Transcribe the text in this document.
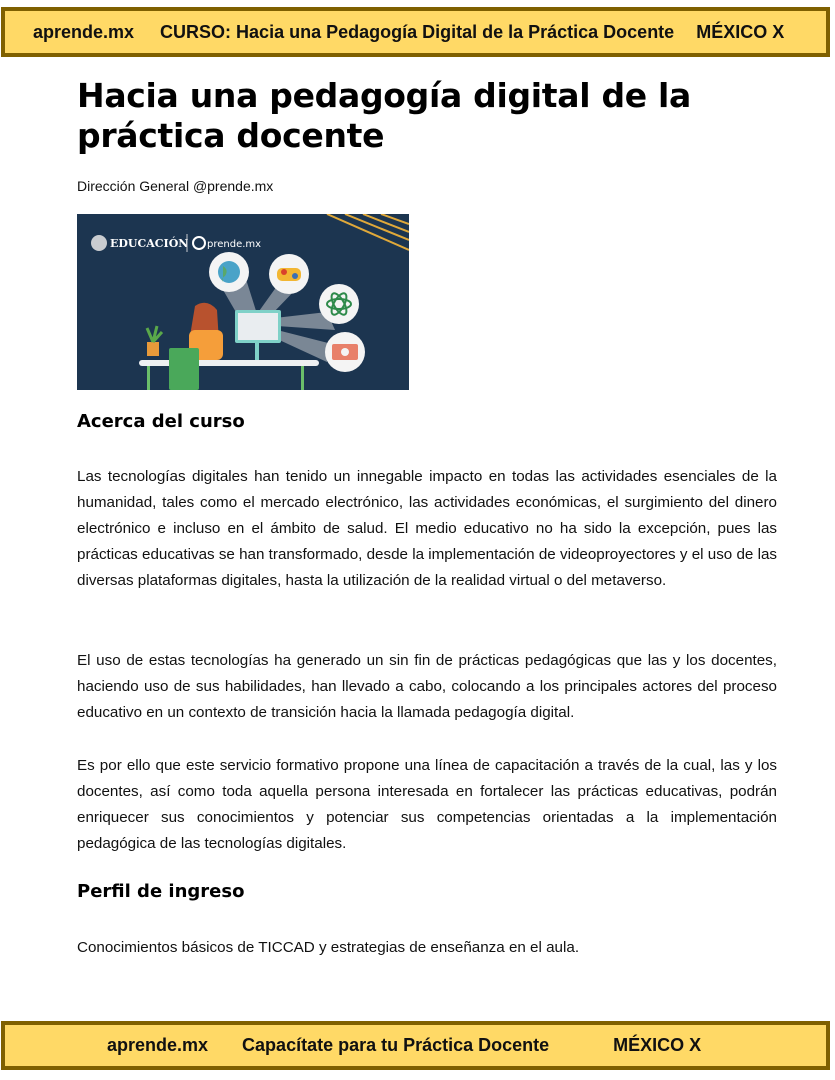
aprende.mx CURSO: Hacia una Pedagogía Digital de la Práctica Docente MÉXICO X
Hacia una pedagogía digital de la práctica docente
Dirección General @prende.mx
EDUCACIÓN prende.mx
Acerca del curso

Las tecnologías digitales han tenido un innegable impacto en todas las actividades esenciales de la humanidad, tales como el mercado electrónico, las actividades económicas, el surgimiento del dinero electrónico e incluso en el ámbito de salud. El medio educativo no ha sido la excepción, pues las prácticas educativas se han transformado, desde la implementación de videoproyectores y el uso de las diversas plataformas digitales, hasta la utilización de la realidad virtual o del metaverso.

El uso de estas tecnologías ha generado un sin fin de prácticas pedagógicas que las y los docentes, haciendo uso de sus habilidades, han llevado a cabo, colocando a los principales actores del proceso educativo en un contexto de transición hacia la llamada pedagogía digital.

Es por ello que este servicio formativo propone una línea de capacitación a través de la cual, las y los docentes, así como toda aquella persona interesada en fortalecer las prácticas educativas, podrán enriquecer sus conocimientos y potenciar sus competencias orientadas a la implementación pedagógica de las tecnologías digitales.

Perfil de ingreso

Conocimientos básicos de TICCAD y estrategias de enseñanza en el aula.

aprende.mx Capacítate para tu Práctica Docente	MÉXICO X
